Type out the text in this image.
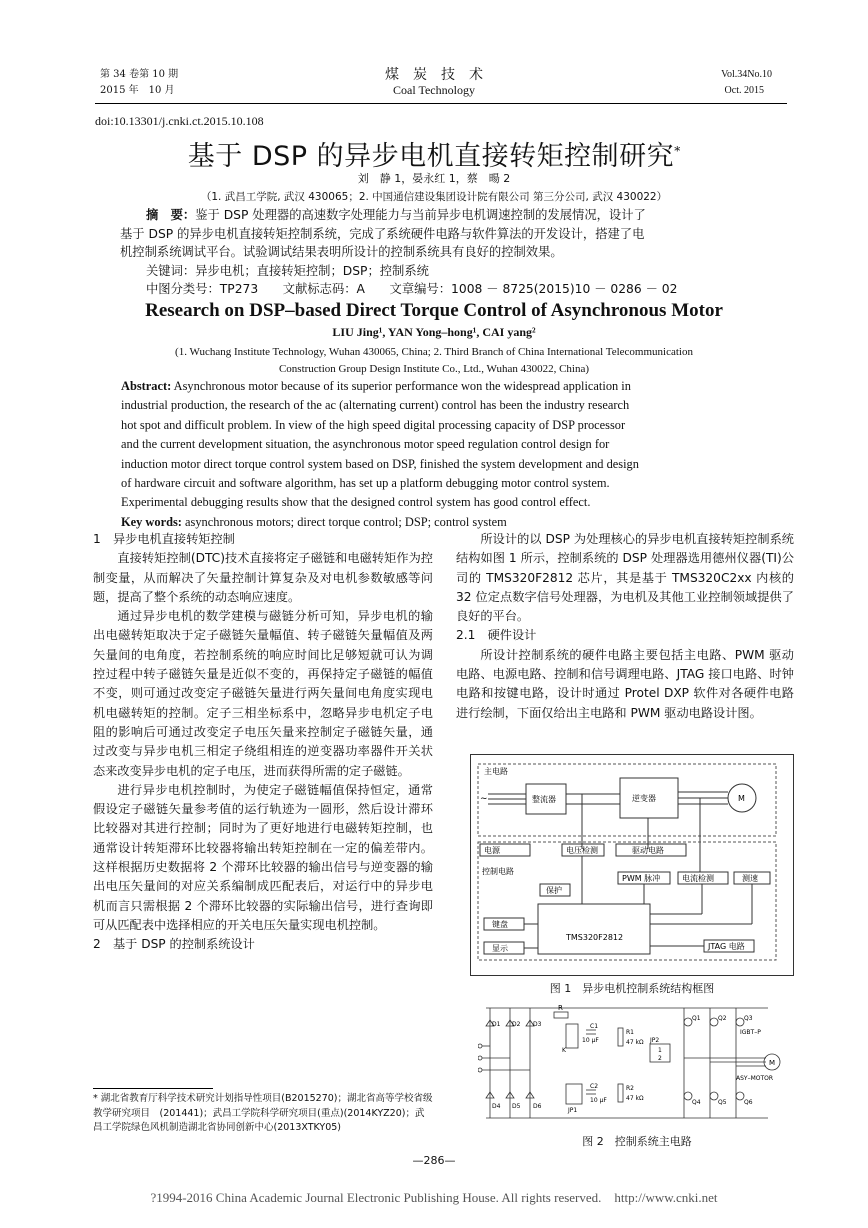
第 34 卷第 10 期
2015 年　10 月
煤　炭　技　术
Coal Technology
Vol.34No.10
Oct. 2015
doi:10.13301/j.cnki.ct.2015.10.108
基于 DSP 的异步电机直接转矩控制研究*
刘　静 1，晏永红 1，蔡　暘 2
（1. 武昌工学院, 武汉 430065；2. 中国通信建设集团设计院有限公司 第三分公司, 武汉 430022）
摘　要：鉴于 DSP 处理器的高速数字处理能力与当前异步电机调速控制的发展情况，设计了
基于 DSP 的异步电机直接转矩控制系统，完成了系统硬件电路与软件算法的开发设计，搭建了电
机控制系统调试平台。试验调试结果表明所设计的控制系统具有良好的控制效果。
关键词：异步电机；直接转矩控制；DSP；控制系统
中图分类号：TP273　　文献标志码：A　　文章编号：1008 － 8725(2015)10 － 0286 － 02
Research on DSP–based Direct Torque Control of Asynchronous Motor
LIU Jing¹, YAN Yong–hong¹, CAI yang²
(1. Wuchang Institute Technology, Wuhan 430065, China; 2. Third Branch of China International Telecommunication
Construction Group Design Institute Co., Ltd., Wuhan 430022, China)
Abstract: Asynchronous motor because of its superior performance won the widespread application in
industrial production, the research of the ac (alternating current) control has been the industry research
hot spot and difficult problem. In view of the high speed digital processing capacity of DSP processor
and the current development situation, the asynchronous motor speed regulation control design for
induction motor direct torque control system based on DSP, finished the system development and design
of hardware circuit and software algorithm, has set up a platform debugging motor control system.
Experimental debugging results show that the designed control system has good control effect.
Key words: asynchronous motors; direct torque control; DSP; control system

1　异步电机直接转矩控制

直接转矩控制(DTC)技术直接将定子磁链和电磁转矩作为控制变量，从而解决了矢量控制计算复杂及对电机参数敏感等问题，提高了整个系统的动态响应速度。

通过异步电机的数学建模与磁链分析可知，异步电机的输出电磁转矩取决于定子磁链矢量幅值、转子磁链矢量幅值及两矢量间的电角度，若控制系统的响应时间比足够短就可认为调控过程中转子磁链矢量是近似不变的，再保持定子磁链的幅值不变，则可通过改变定子磁链矢量进行两矢量间电角度实现电机电磁转矩的控制。定子三相坐标系中，忽略异步电机定子电阻的影响后可通过改变定子电压矢量来控制定子磁链矢量，通过改变与异步电机三相定子绕组相连的逆变器功率器件开关状态来改变异步电机的定子电压，进而获得所需的定子磁链。

进行异步电机控制时，为使定子磁链幅值保持恒定，通常假设定子磁链矢量参考值的运行轨迹为一圆形，然后设计滞环比较器对其进行控制；同时为了更好地进行电磁转矩控制，也通常设计转矩滞环比较器将输出转矩控制在一定的偏差带内。这样根据历史数据将 2 个滞环比较器的输出信号与逆变器的输出电压矢量间的对应关系编制成匹配表后，对运行中的异步电机而言只需根据 2 个滞环比较器的实际输出信号，进行查询即可从匹配表中选择相应的开关电压矢量实现电机控制。

2　基于 DSP 的控制系统设计

* 湖北省教育厅科学技术研究计划指导性项目(B2015270)；湖北省高等学校省级教学研究项目　(201441)；武昌工学院科学研究项目(重点)(2014KYZ20)；武昌工学院绿色风机制造湖北省协同创新中心(2013XTKY05)

所设计的以 DSP 为处理核心的异步电机直接转矩控制系统结构如图 1 所示，控制系统的 DSP 处理器选用德州仪器(TI)公司的 TMS320F2812 芯片，其是基于 TMS320C2xx 内核的 32 位定点数字信号处理器，为电机及其他工业控制领域提供了良好的平台。

2.1　硬件设计

所设计控制系统的硬件电路主要包括主电路、PWM 驱动电路、电源电路、控制和信号调理电路、JTAG 接口电路、时钟电路和按键电路，设计时通过 Protel DXP 软件对各硬件电路进行绘制，下面仅给出主电路和 PWM 驱动电路设计图。

主电路
~	整流器	逆变器	M
电源	电压检测	驱动电路
控制电路
PWM 脉冲	电流检测	测速
保护
TMS320F2812
键盘
显示	JTAG 电路
图 1　异步电机控制系统结构框图
R
D1 D2 D3
D4 D5 D6
C1
10 μF
R1
47 kΩ JP2
1
2
C2
10 μF
R2
47 kΩ
JP1
Q1	Q2	Q3
Q4	Q5	Q6
IGBT–P
M
ASY–MOTOR
K
图 2　控制系统主电路
—286—
?1994-2016 China Academic Journal Electronic Publishing House. All rights reserved.　http://www.cnki.net
